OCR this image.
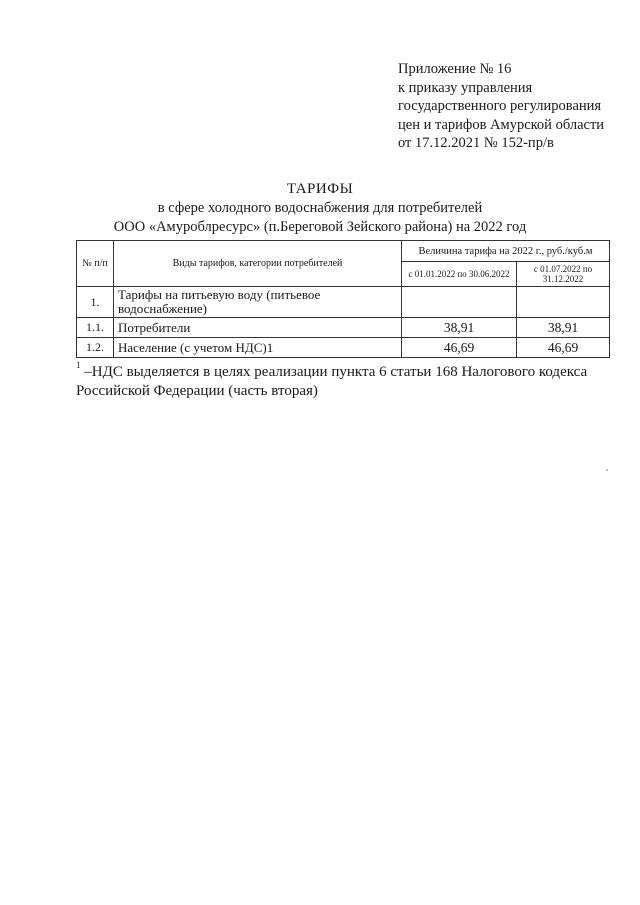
Приложение № 16
к приказу управления
государственного регулирования
цен и тарифов Амурской области
от 17.12.2021 № 152-пр/в
ТАРИФЫ
в сфере холодного водоснабжения для потребителей
ООО «Амуроблресурс» (п.Береговой Зейского района) на 2022 год
№ п/п	Виды тарифов, категории потребителей	Величина тарифа на 2022 г., руб./куб.м	
		с 01.01.2022 по 30.06.2022	с 01.07.2022 по 31.12.2022
1.	Тарифы на питьевую воду (питьевое водоснабжение)		
1.1.	Потребители	38,91	38,91
1.2.	Население (с учетом НДС)1	46,69	46,69
$^1$ –НДС выделяется в целях реализации пункта 6 статьи 168 Налогового кодекса Российской Федерации (часть вторая)
